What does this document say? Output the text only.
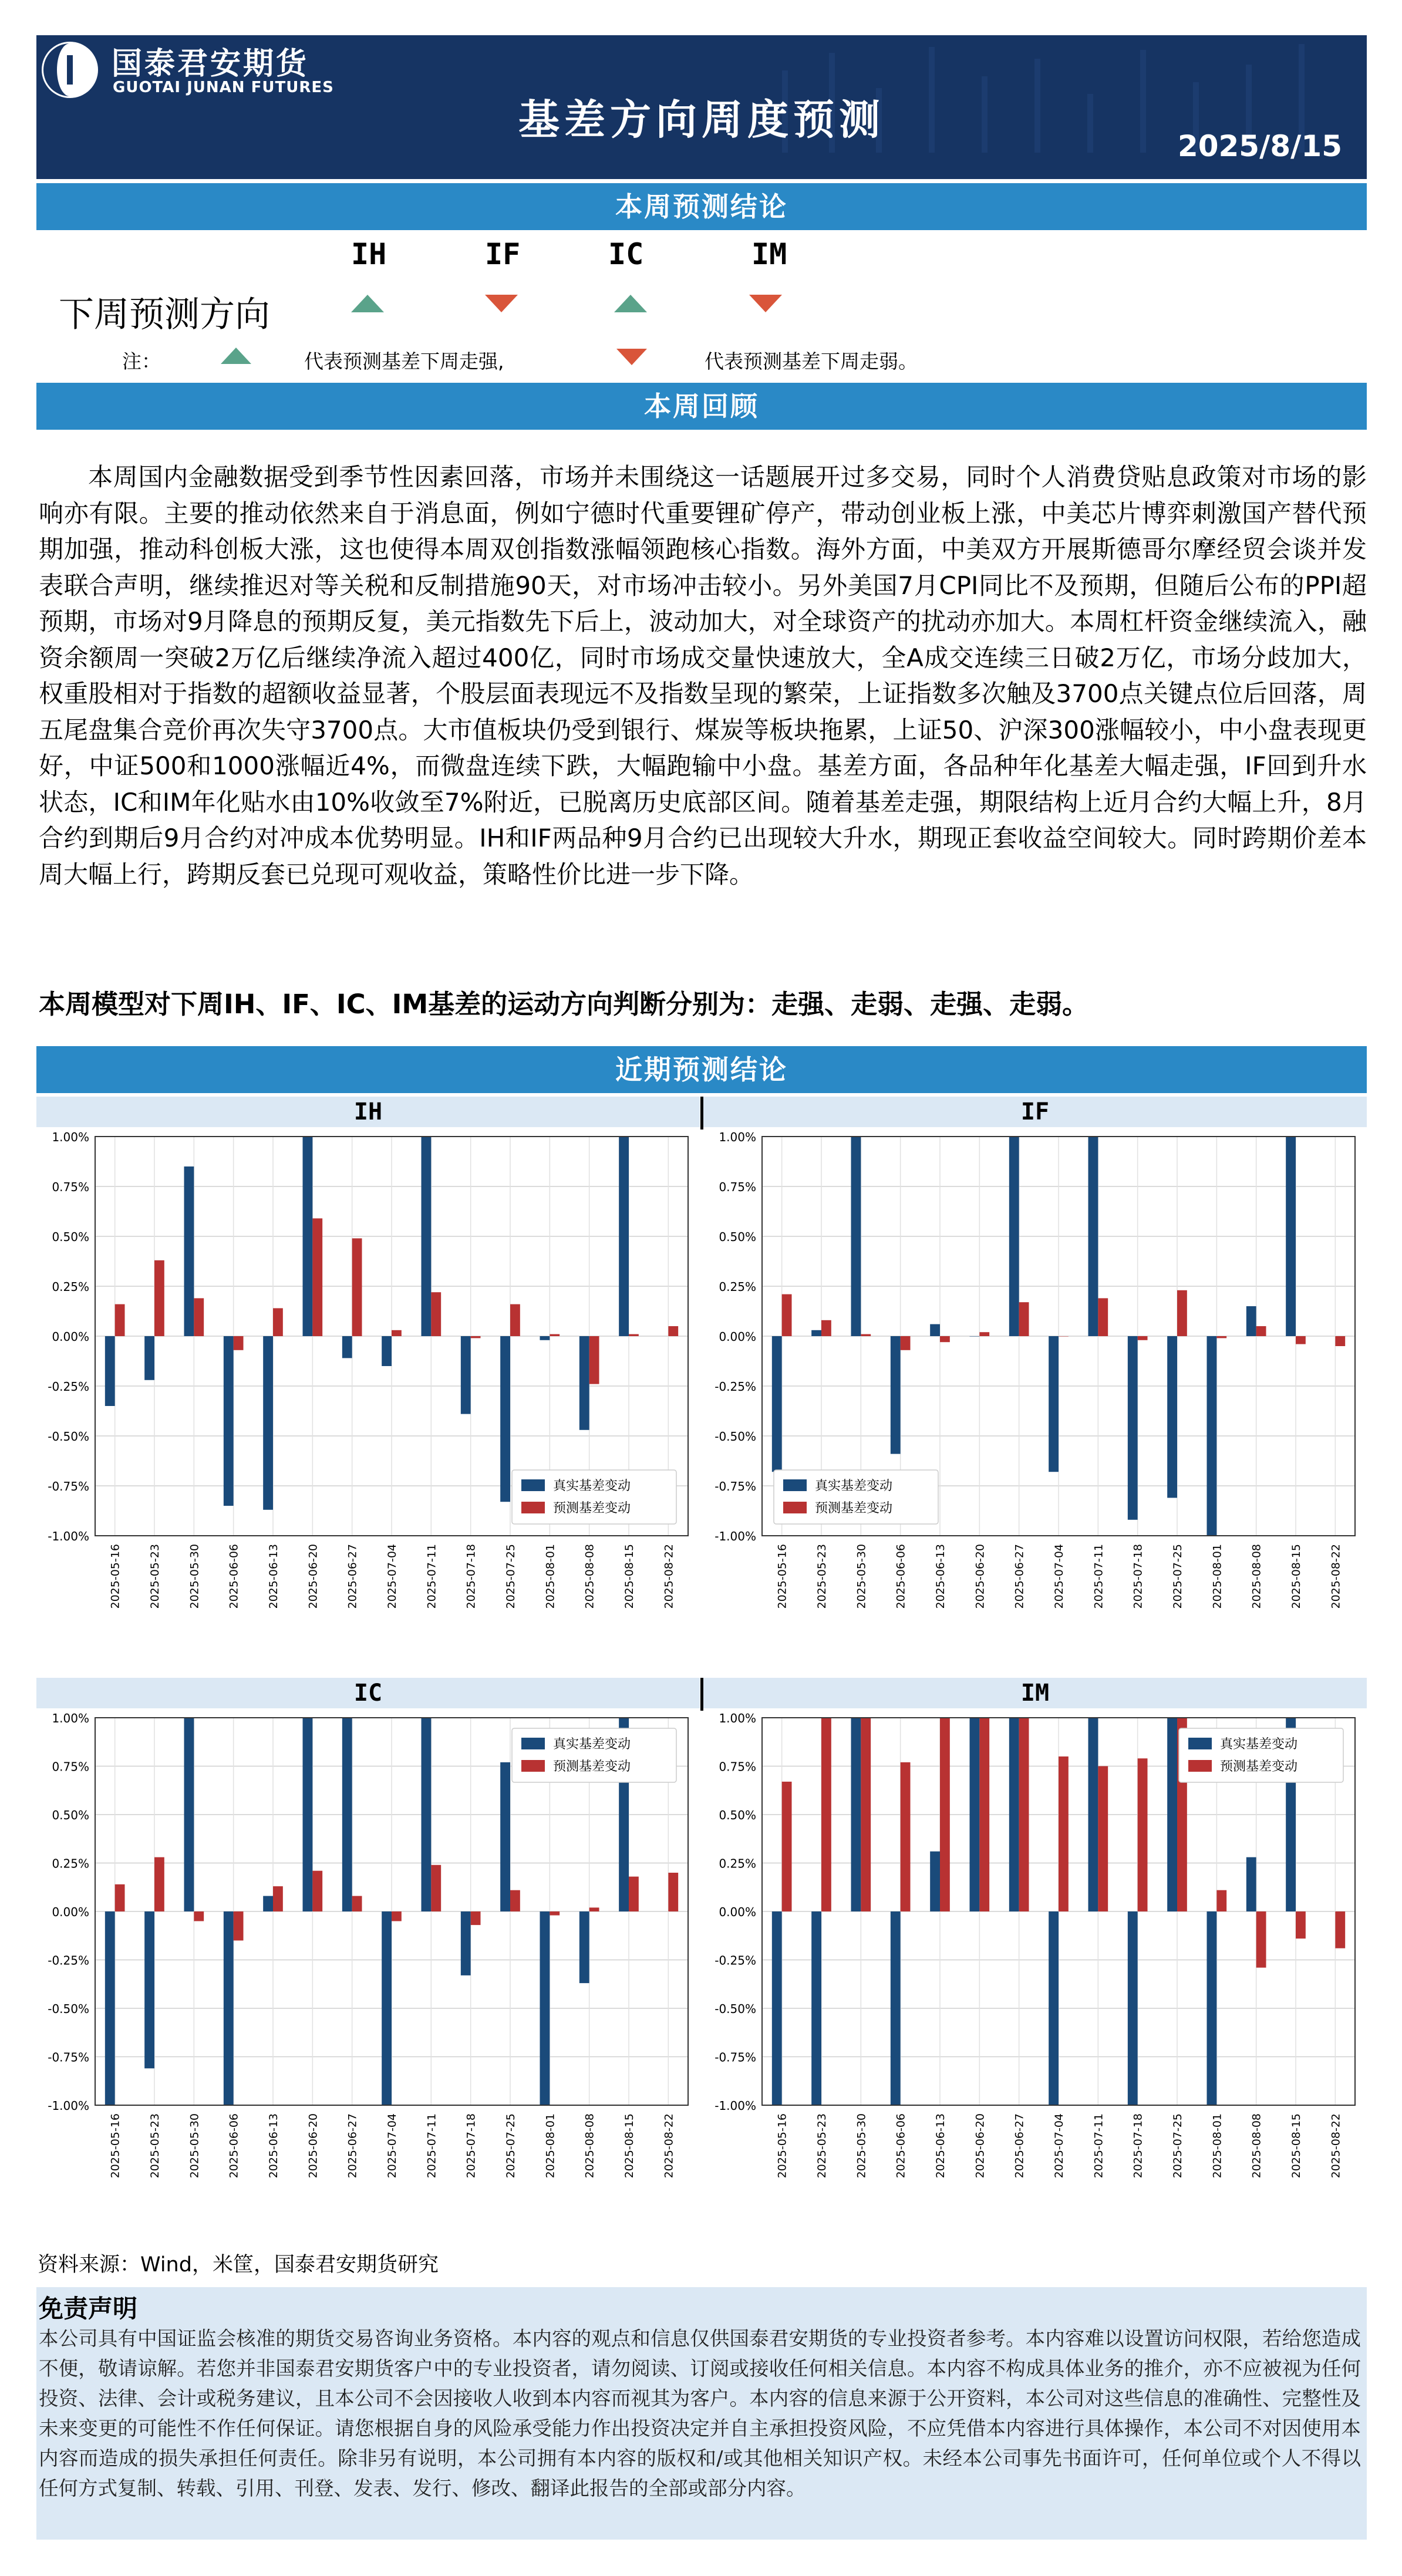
国泰君安期货
GUOTAI JUNAN FUTURES
基差方向周度预测
2025/8/15
本周预测结论
IH	IF	IC	IM
下周预测方向
注：	代表预测基差下周走强,	代表预测基差下周走弱。
本周回顾

本周国内金融数据受到季节性因素回落，市场并未围绕这一话题展开过多交易，同时个人消费贷贴息政策对市场的影响亦有限。主要的推动依然来自于消息面，例如宁德时代重要锂矿停产，带动创业板上涨，中美芯片博弈刺激国产替代预期加强，推动科创板大涨，这也使得本周双创指数涨幅领跑核心指数。海外方面，中美双方开展斯德哥尔摩经贸会谈并发表联合声明，继续推迟对等关税和反制措施90天，对市场冲击较小。另外美国7月CPI同比不及预期，但随后公布的PPI超预期，市场对9月降息的预期反复，美元指数先下后上，波动加大，对全球资产的扰动亦加大。本周杠杆资金继续流入，融资余额周一突破2万亿后继续净流入超过400亿，同时市场成交量快速放大，全A成交连续三日破2万亿，市场分歧加大，权重股相对于指数的超额收益显著，个股层面表现远不及指数呈现的繁荣，上证指数多次触及3700点关键点位后回落，周五尾盘集合竞价再次失守3700点。大市值板块仍受到银行、煤炭等板块拖累，上证50、沪深300涨幅较小，中小盘表现更好，中证500和1000涨幅近4%，而微盘连续下跌，大幅跑输中小盘。基差方面，各品种年化基差大幅走强，IF回到升水状态，IC和IM年化贴水由10%收敛至7%附近，已脱离历史底部区间。随着基差走强，期限结构上近月合约大幅上升，8月合约到期后9月合约对冲成本优势明显。IH和IF两品种9月合约已出现较大升水，期现正套收益空间较大。同时跨期价差本周大幅上行，跨期反套已兑现可观收益，策略性价比进一步下降。

本周模型对下周IH、IF、IC、IM基差的运动方向判断分别为：走强、走弱、走强、走弱。
近期预测结论
IH	IF
IC	IM
-1.00%
-0.75%
-0.50%
-0.25%
0.00%
0.25%
0.50%
0.75%
1.00%
2025-05-16 2025-05-23 2025-05-30 2025-06-06 2025-06-13 2025-06-20 2025-06-27 2025-07-04 2025-07-11 2025-07-18 2025-07-25 2025-08-01 2025-08-08 2025-08-15 2025-08-22
真实基差变动
预测基差变动
-1.00%
-0.75%
-0.50%
-0.25%
0.00%
0.25%
0.50%
0.75%
1.00%
2025-05-16 2025-05-23 2025-05-30 2025-06-06 2025-06-13 2025-06-20 2025-06-27 2025-07-04 2025-07-11 2025-07-18 2025-07-25 2025-08-01 2025-08-08 2025-08-15 2025-08-22
真实基差变动
预测基差变动
-1.00%
-0.75%
-0.50%
-0.25%
0.00%
0.25%
0.50%
0.75%
1.00%
2025-05-16 2025-05-23 2025-05-30 2025-06-06 2025-06-13 2025-06-20 2025-06-27 2025-07-04 2025-07-11 2025-07-18 2025-07-25 2025-08-01 2025-08-08 2025-08-15 2025-08-22
真实基差变动
预测基差变动
-1.00%
-0.75%
-0.50%
-0.25%
0.00%
0.25%
0.50%
0.75%
1.00%
2025-05-16 2025-05-23 2025-05-30 2025-06-06 2025-06-13 2025-06-20 2025-06-27 2025-07-04 2025-07-11 2025-07-18 2025-07-25 2025-08-01 2025-08-08 2025-08-15 2025-08-22
真实基差变动
预测基差变动
资料来源：Wind，米筐，国泰君安期货研究
免责声明

本公司具有中国证监会核准的期货交易咨询业务资格。本内容的观点和信息仅供国泰君安期货的专业投资者参考。本内容难以设置访问权限，若给您造成不便，敬请谅解。若您并非国泰君安期货客户中的专业投资者，请勿阅读、订阅或接收任何相关信息。本内容不构成具体业务的推介，亦不应被视为任何投资、法律、会计或税务建议，且本公司不会因接收人收到本内容而视其为客户。本内容的信息来源于公开资料，本公司对这些信息的准确性、完整性及未来变更的可能性不作任何保证。请您根据自身的风险承受能力作出投资决定并自主承担投资风险，不应凭借本内容进行具体操作，本公司不对因使用本内容而造成的损失承担任何责任。除非另有说明，本公司拥有本内容的版权和/或其他相关知识产权。未经本公司事先书面许可，任何单位或个人不得以任何方式复制、转载、引用、刊登、发表、发行、修改、翻译此报告的全部或部分内容。
